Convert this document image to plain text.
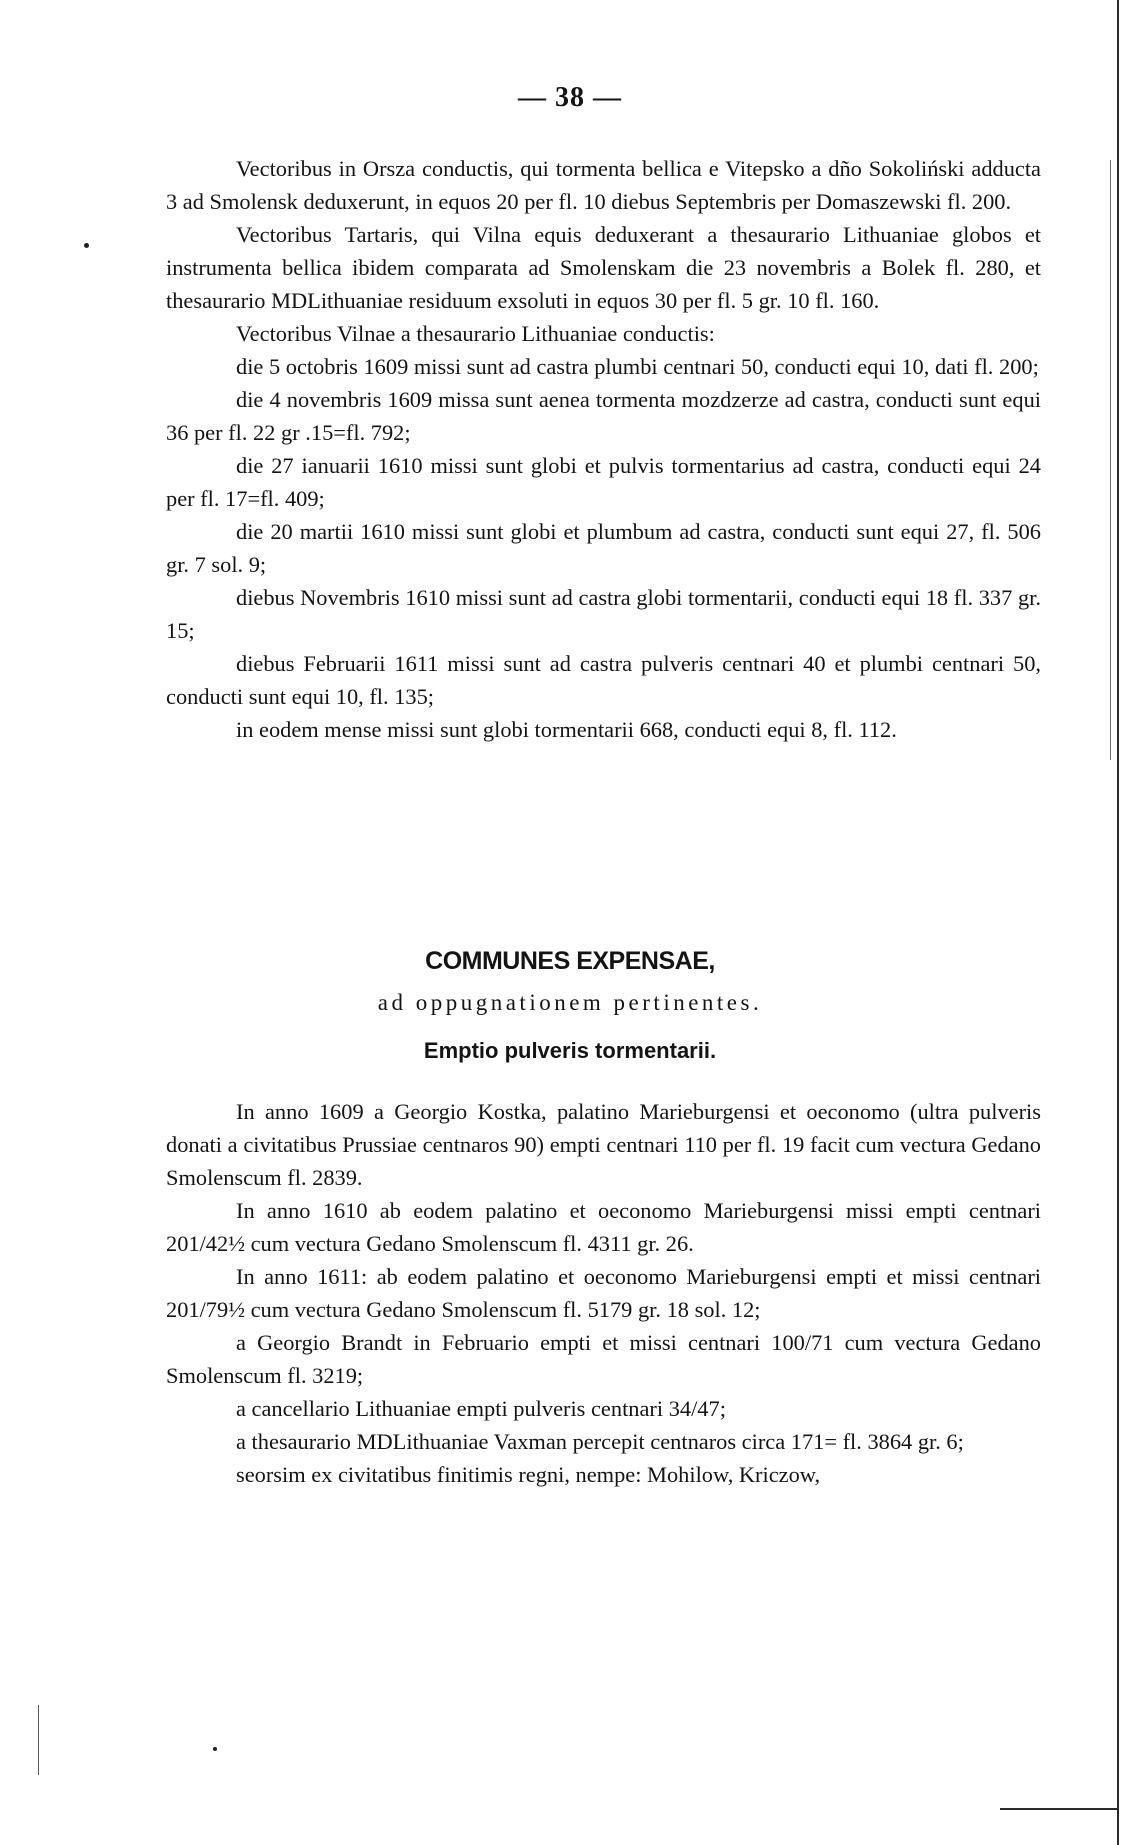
— 38 —

Vectoribus in Orsza conductis, qui tormenta bellica e Vitepsko a dño Sokoliński adducta 3 ad Smolensk deduxerunt, in equos 20 per fl. 10 diebus Septembris per Domaszewski fl. 200.

Vectoribus Tartaris, qui Vilna equis deduxerant a thesaurario Lithuaniae globos et instrumenta bellica ibidem comparata ad Smolenskam die 23 novembris a Bolek fl. 280, et thesaurario MDLithuaniae residuum exsoluti in equos 30 per fl. 5 gr. 10 fl. 160.

Vectoribus Vilnae a thesaurario Lithuaniae conductis:

die 5 octobris 1609 missi sunt ad castra plumbi centnari 50, conducti equi 10, dati fl. 200;

die 4 novembris 1609 missa sunt aenea tormenta mozdzerze ad castra, conducti sunt equi 36 per fl. 22 gr .15=fl. 792;

die 27 ianuarii 1610 missi sunt globi et pulvis tormentarius ad castra, conducti equi 24 per fl. 17=fl. 409;

die 20 martii 1610 missi sunt globi et plumbum ad castra, conducti sunt equi 27, fl. 506 gr. 7 sol. 9;

diebus Novembris 1610 missi sunt ad castra globi tormentarii, conducti equi 18 fl. 337 gr. 15;

diebus Februarii 1611 missi sunt ad castra pulveris centnari 40 et plumbi centnari 50, conducti sunt equi 10, fl. 135;

in eodem mense missi sunt globi tormentarii 668, conducti equi 8, fl. 112.

COMMUNES EXPENSAE,
ad oppugnationem pertinentes.
Emptio pulveris tormentarii.

In anno 1609 a Georgio Kostka, palatino Marieburgensi et oeconomo (ultra pulveris donati a civitatibus Prussiae centnaros 90) empti centnari 110 per fl. 19 facit cum vectura Gedano Smolenscum fl. 2839.

In anno 1610 ab eodem palatino et oeconomo Marieburgensi missi empti centnari 201/42½ cum vectura Gedano Smolenscum fl. 4311 gr. 26.

In anno 1611: ab eodem palatino et oeconomo Marieburgensi empti et missi centnari 201/79½ cum vectura Gedano Smolenscum fl. 5179 gr. 18 sol. 12;

a Georgio Brandt in Februario empti et missi centnari 100/71 cum vectura Gedano Smolenscum fl. 3219;

a cancellario Lithuaniae empti pulveris centnari 34/47;

a thesaurario MDLithuaniae Vaxman percepit centnaros circa 171= fl. 3864 gr. 6;

seorsim ex civitatibus finitimis regni, nempe: Mohilow, Kriczow,
